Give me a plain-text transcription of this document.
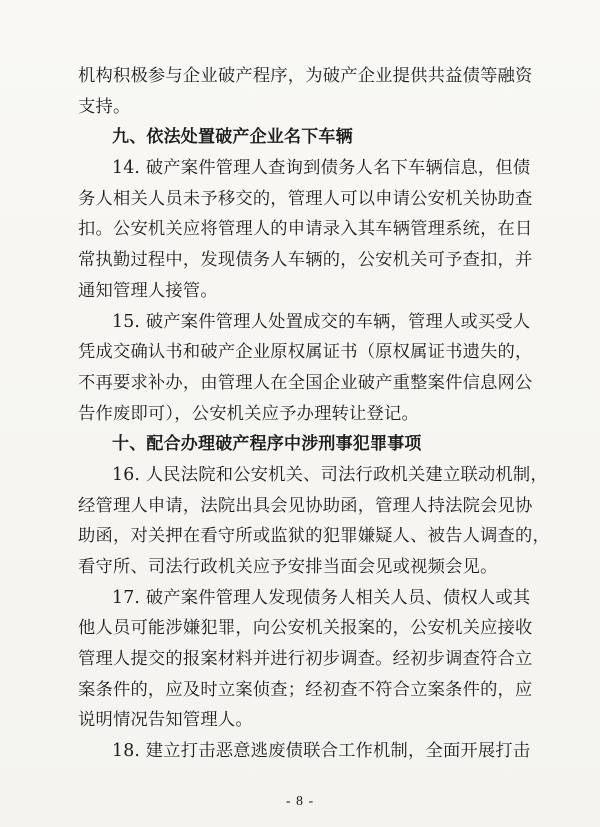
机构积极参与企业破产程序，为破产企业提供共益债等融资
支持。
九、依法处置破产企业名下车辆
14. 破产案件管理人查询到债务人名下车辆信息，但债
务人相关人员未予移交的，管理人可以申请公安机关协助查
扣。公安机关应将管理人的申请录入其车辆管理系统，在日
常执勤过程中，发现债务人车辆的，公安机关可予查扣，并
通知管理人接管。
15. 破产案件管理人处置成交的车辆，管理人或买受人
凭成交确认书和破产企业原权属证书（原权属证书遗失的，
不再要求补办，由管理人在全国企业破产重整案件信息网公
告作废即可），公安机关应予办理转让登记。
十、配合办理破产程序中涉刑事犯罪事项
16. 人民法院和公安机关、司法行政机关建立联动机制，
经管理人申请，法院出具会见协助函，管理人持法院会见协
助函，对关押在看守所或监狱的犯罪嫌疑人、被告人调查的，
看守所、司法行政机关应予安排当面会见或视频会见。
17. 破产案件管理人发现债务人相关人员、债权人或其
他人员可能涉嫌犯罪，向公安机关报案的，公安机关应接收
管理人提交的报案材料并进行初步调查。经初步调查符合立
案条件的，应及时立案侦查；经初查不符合立案条件的，应
说明情况告知管理人。
18. 建立打击恶意逃废债联合工作机制，全面开展打击
- 8 -
